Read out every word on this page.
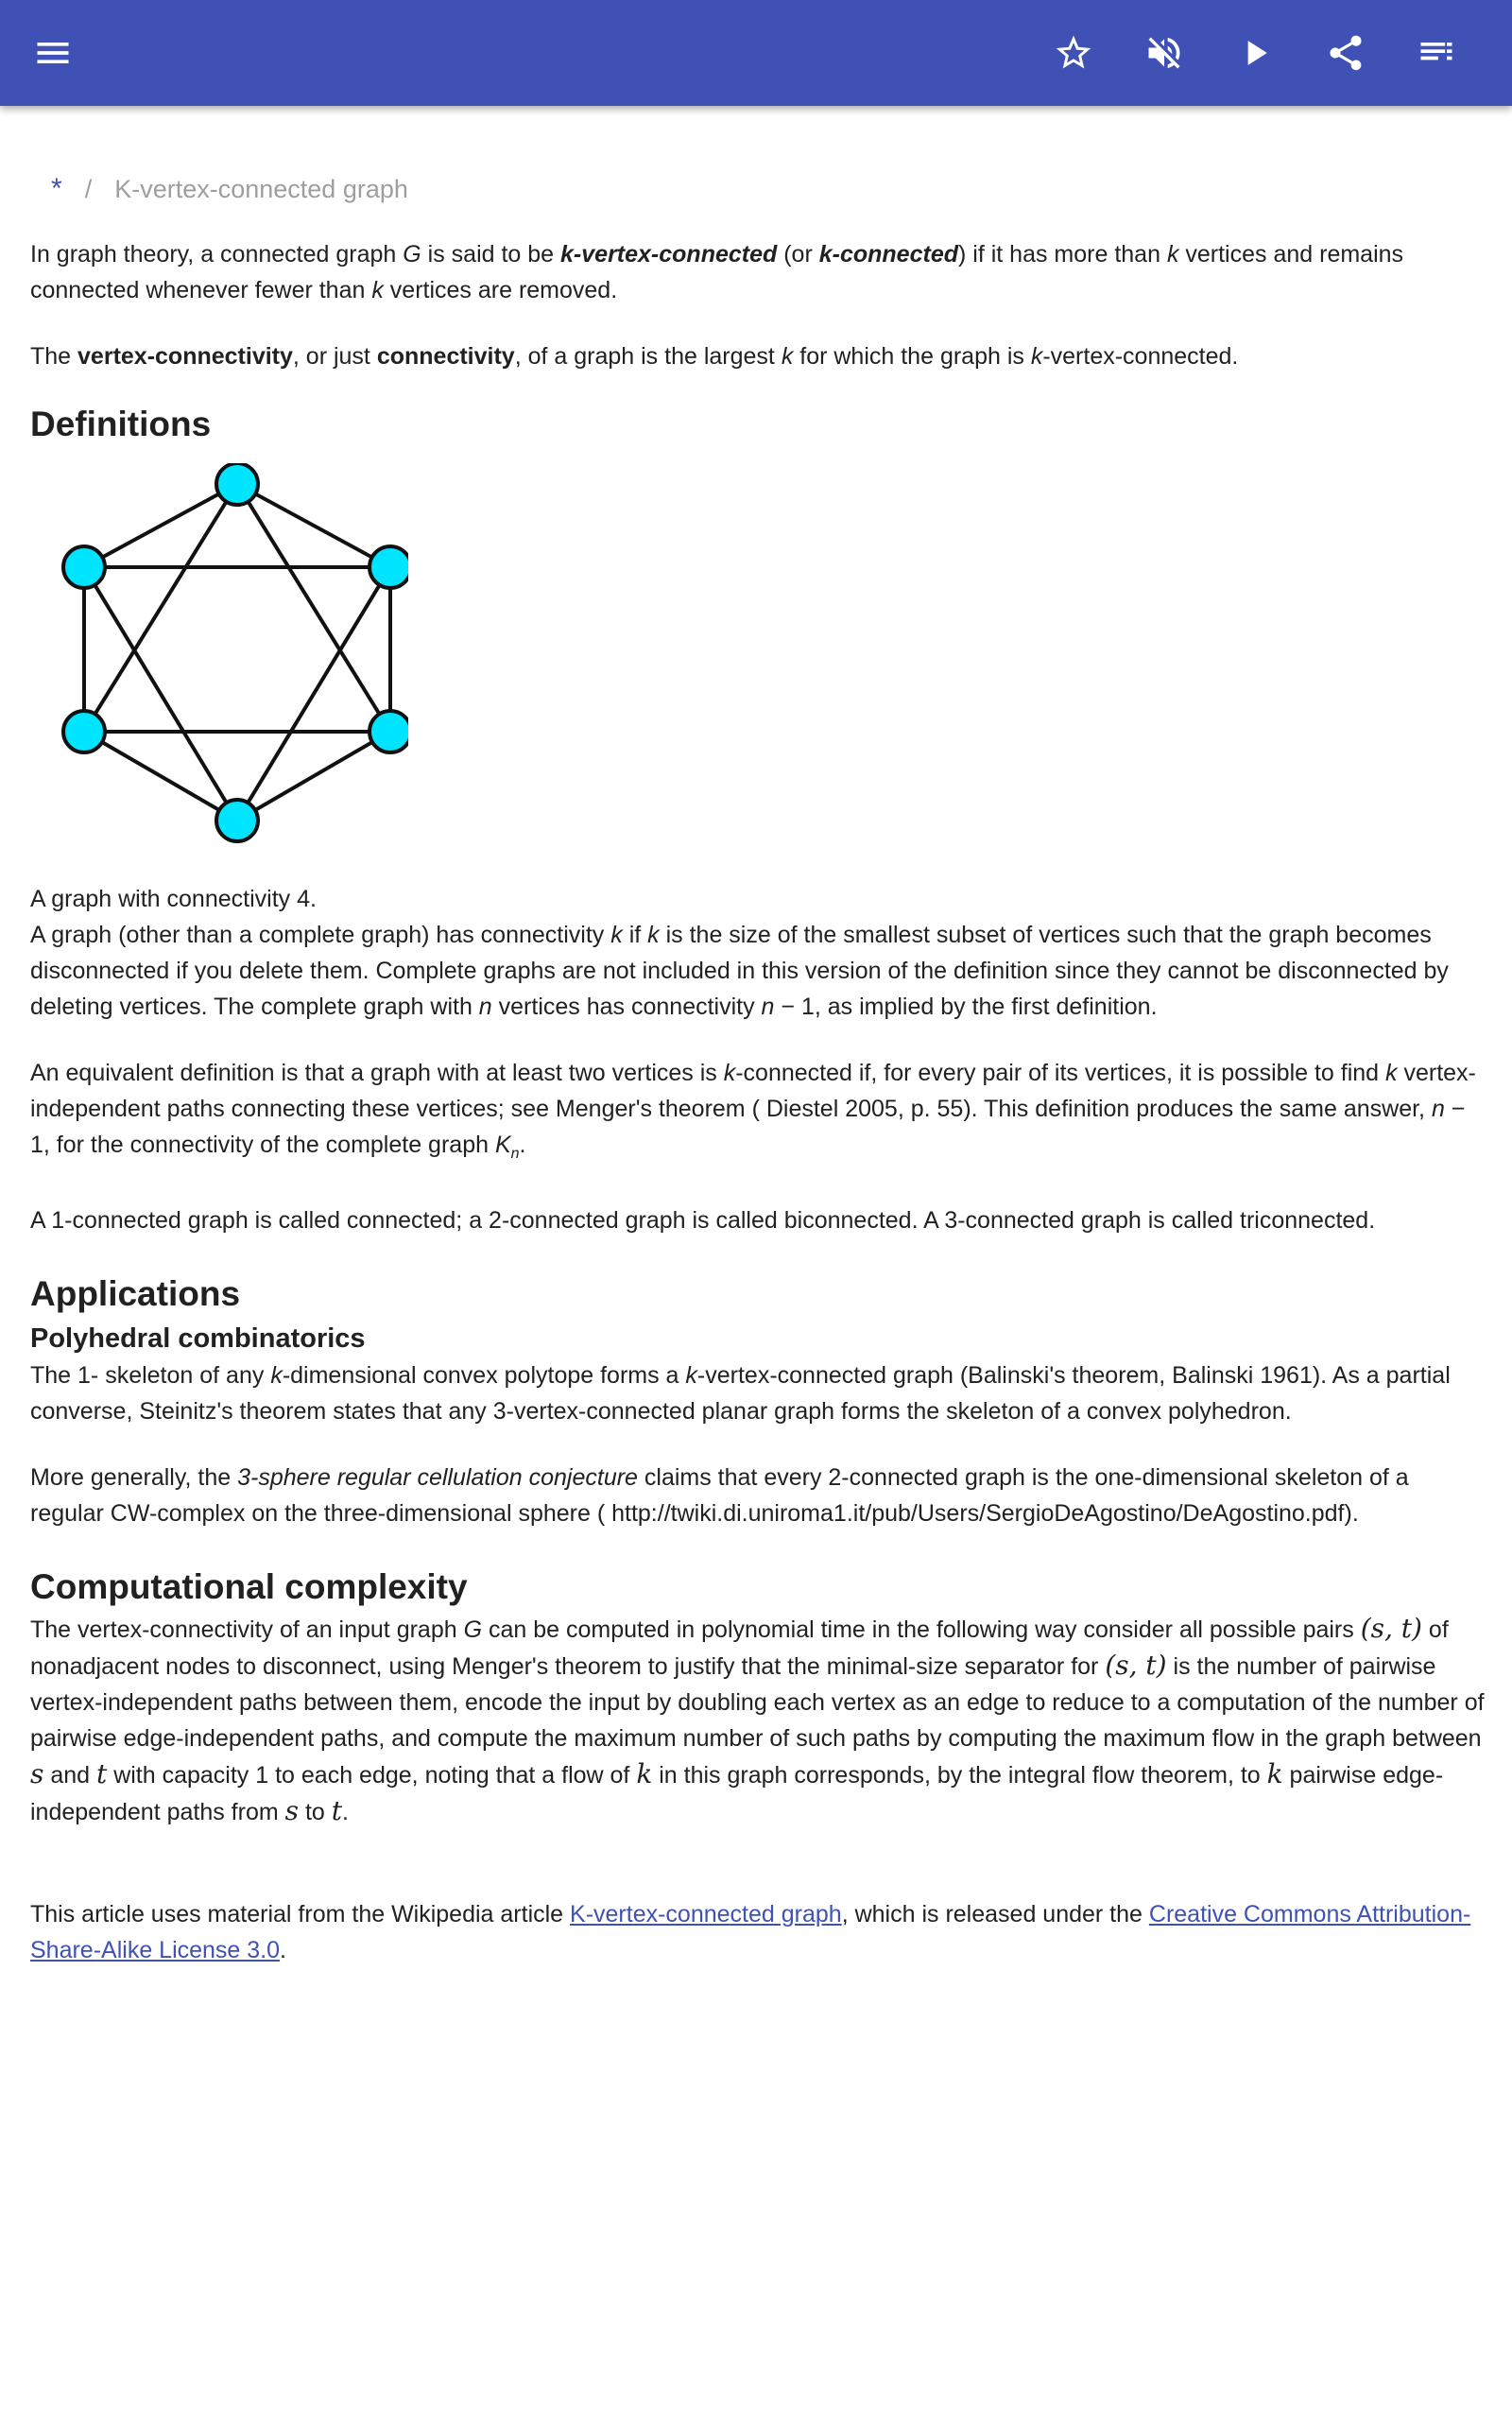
* / K-vertex-connected graph

In graph theory, a connected graph G is said to be k-vertex-connected (or k-connected) if it has more than k vertices and remains connected whenever fewer than k vertices are removed.

The vertex-connectivity, or just connectivity, of a graph is the largest k for which the graph is k-vertex-connected.

Definitions

A graph with connectivity 4.

A graph (other than a complete graph) has connectivity k if k is the size of the smallest subset of vertices such that the graph becomes disconnected if you delete them. Complete graphs are not included in this version of the definition since they cannot be disconnected by deleting vertices. The complete graph with n vertices has connectivity n − 1, as implied by the first definition.

An equivalent definition is that a graph with at least two vertices is k-connected if, for every pair of its vertices, it is possible to find k vertex-independent paths connecting these vertices; see Menger's theorem ( Diestel 2005, p. 55). This definition produces the same answer, n − 1, for the connectivity of the complete graph $K_n$.

A 1-connected graph is called connected; a 2-connected graph is called biconnected. A 3-connected graph is called triconnected.

Applications
Polyhedral combinatorics

The 1- skeleton of any k-dimensional convex polytope forms a k-vertex-connected graph (Balinski's theorem, Balinski 1961). As a partial converse, Steinitz's theorem states that any 3-vertex-connected planar graph forms the skeleton of a convex polyhedron.

More generally, the 3-sphere regular cellulation conjecture claims that every 2-connected graph is the one-dimensional skeleton of a regular CW-complex on the three-dimensional sphere ( http://twiki.di.uniroma1.it/pub/Users/SergioDeAgostino/DeAgostino.pdf).

Computational complexity

The vertex-connectivity of an input graph G can be computed in polynomial time in the following way consider all possible pairs (s, t) of nonadjacent nodes to disconnect, using Menger's theorem to justify that the minimal-size separator for (s, t) is the number of pairwise vertex-independent paths between them, encode the input by doubling each vertex as an edge to reduce to a computation of the number of pairwise edge-independent paths, and compute the maximum number of such paths by computing the maximum flow in the graph between s and t with capacity 1 to each edge, noting that a flow of k in this graph corresponds, by the integral flow theorem, to k pairwise edge-independent paths from s to t.

This article uses material from the Wikipedia article K-vertex-connected graph, which is released under the Creative Commons Attribution-Share-Alike License 3.0.
